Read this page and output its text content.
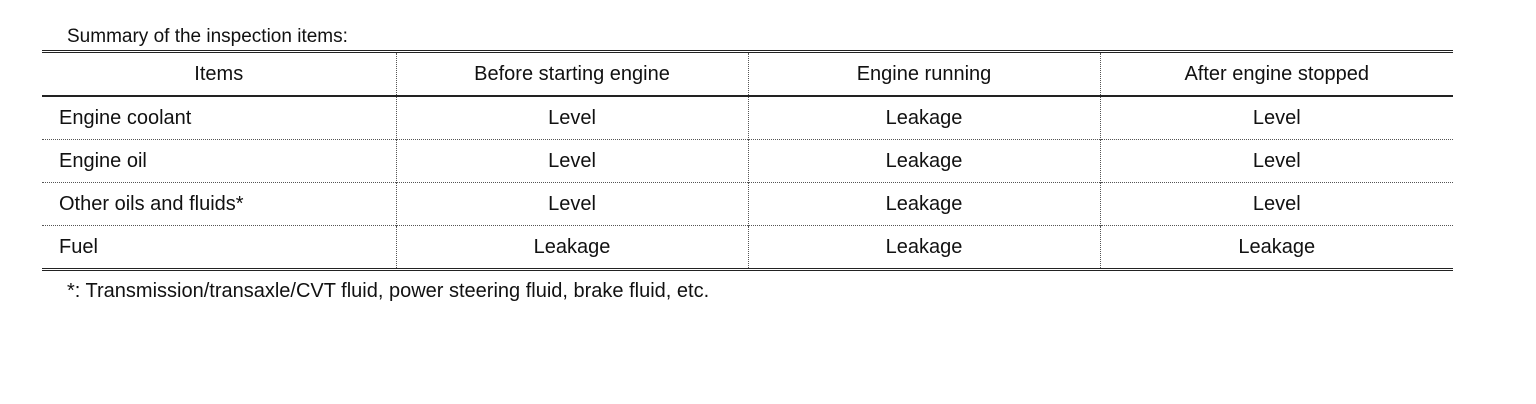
Summary of the inspection items:
Items	Before starting engine	Engine running	After engine stopped
Engine coolant	Level	Leakage	Level
Engine oil	Level	Leakage	Level
Other oils and fluids*	Level	Leakage	Level
Fuel	Leakage	Leakage	Leakage
*: Transmission/transaxle/CVT fluid, power steering fluid, brake fluid, etc.
